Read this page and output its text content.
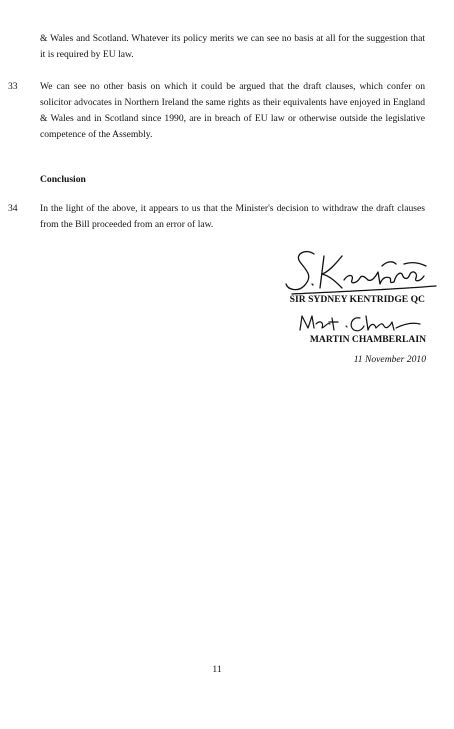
& Wales and Scotland. Whatever its policy merits we can see no basis at all for the suggestion that it is required by EU law.
33 We can see no other basis on which it could be argued that the draft clauses, which confer on solicitor advocates in Northern Ireland the same rights as their equivalents have enjoyed in England & Wales and in Scotland since 1990, are in breach of EU law or otherwise outside the legislative competence of the Assembly.
Conclusion
34 In the light of the above, it appears to us that the Minister's decision to withdraw the draft clauses from the Bill proceeded from an error of law.
SIR SYDNEY KENTRIDGE QC
MARTIN CHAMBERLAIN
11 November 2010
11
